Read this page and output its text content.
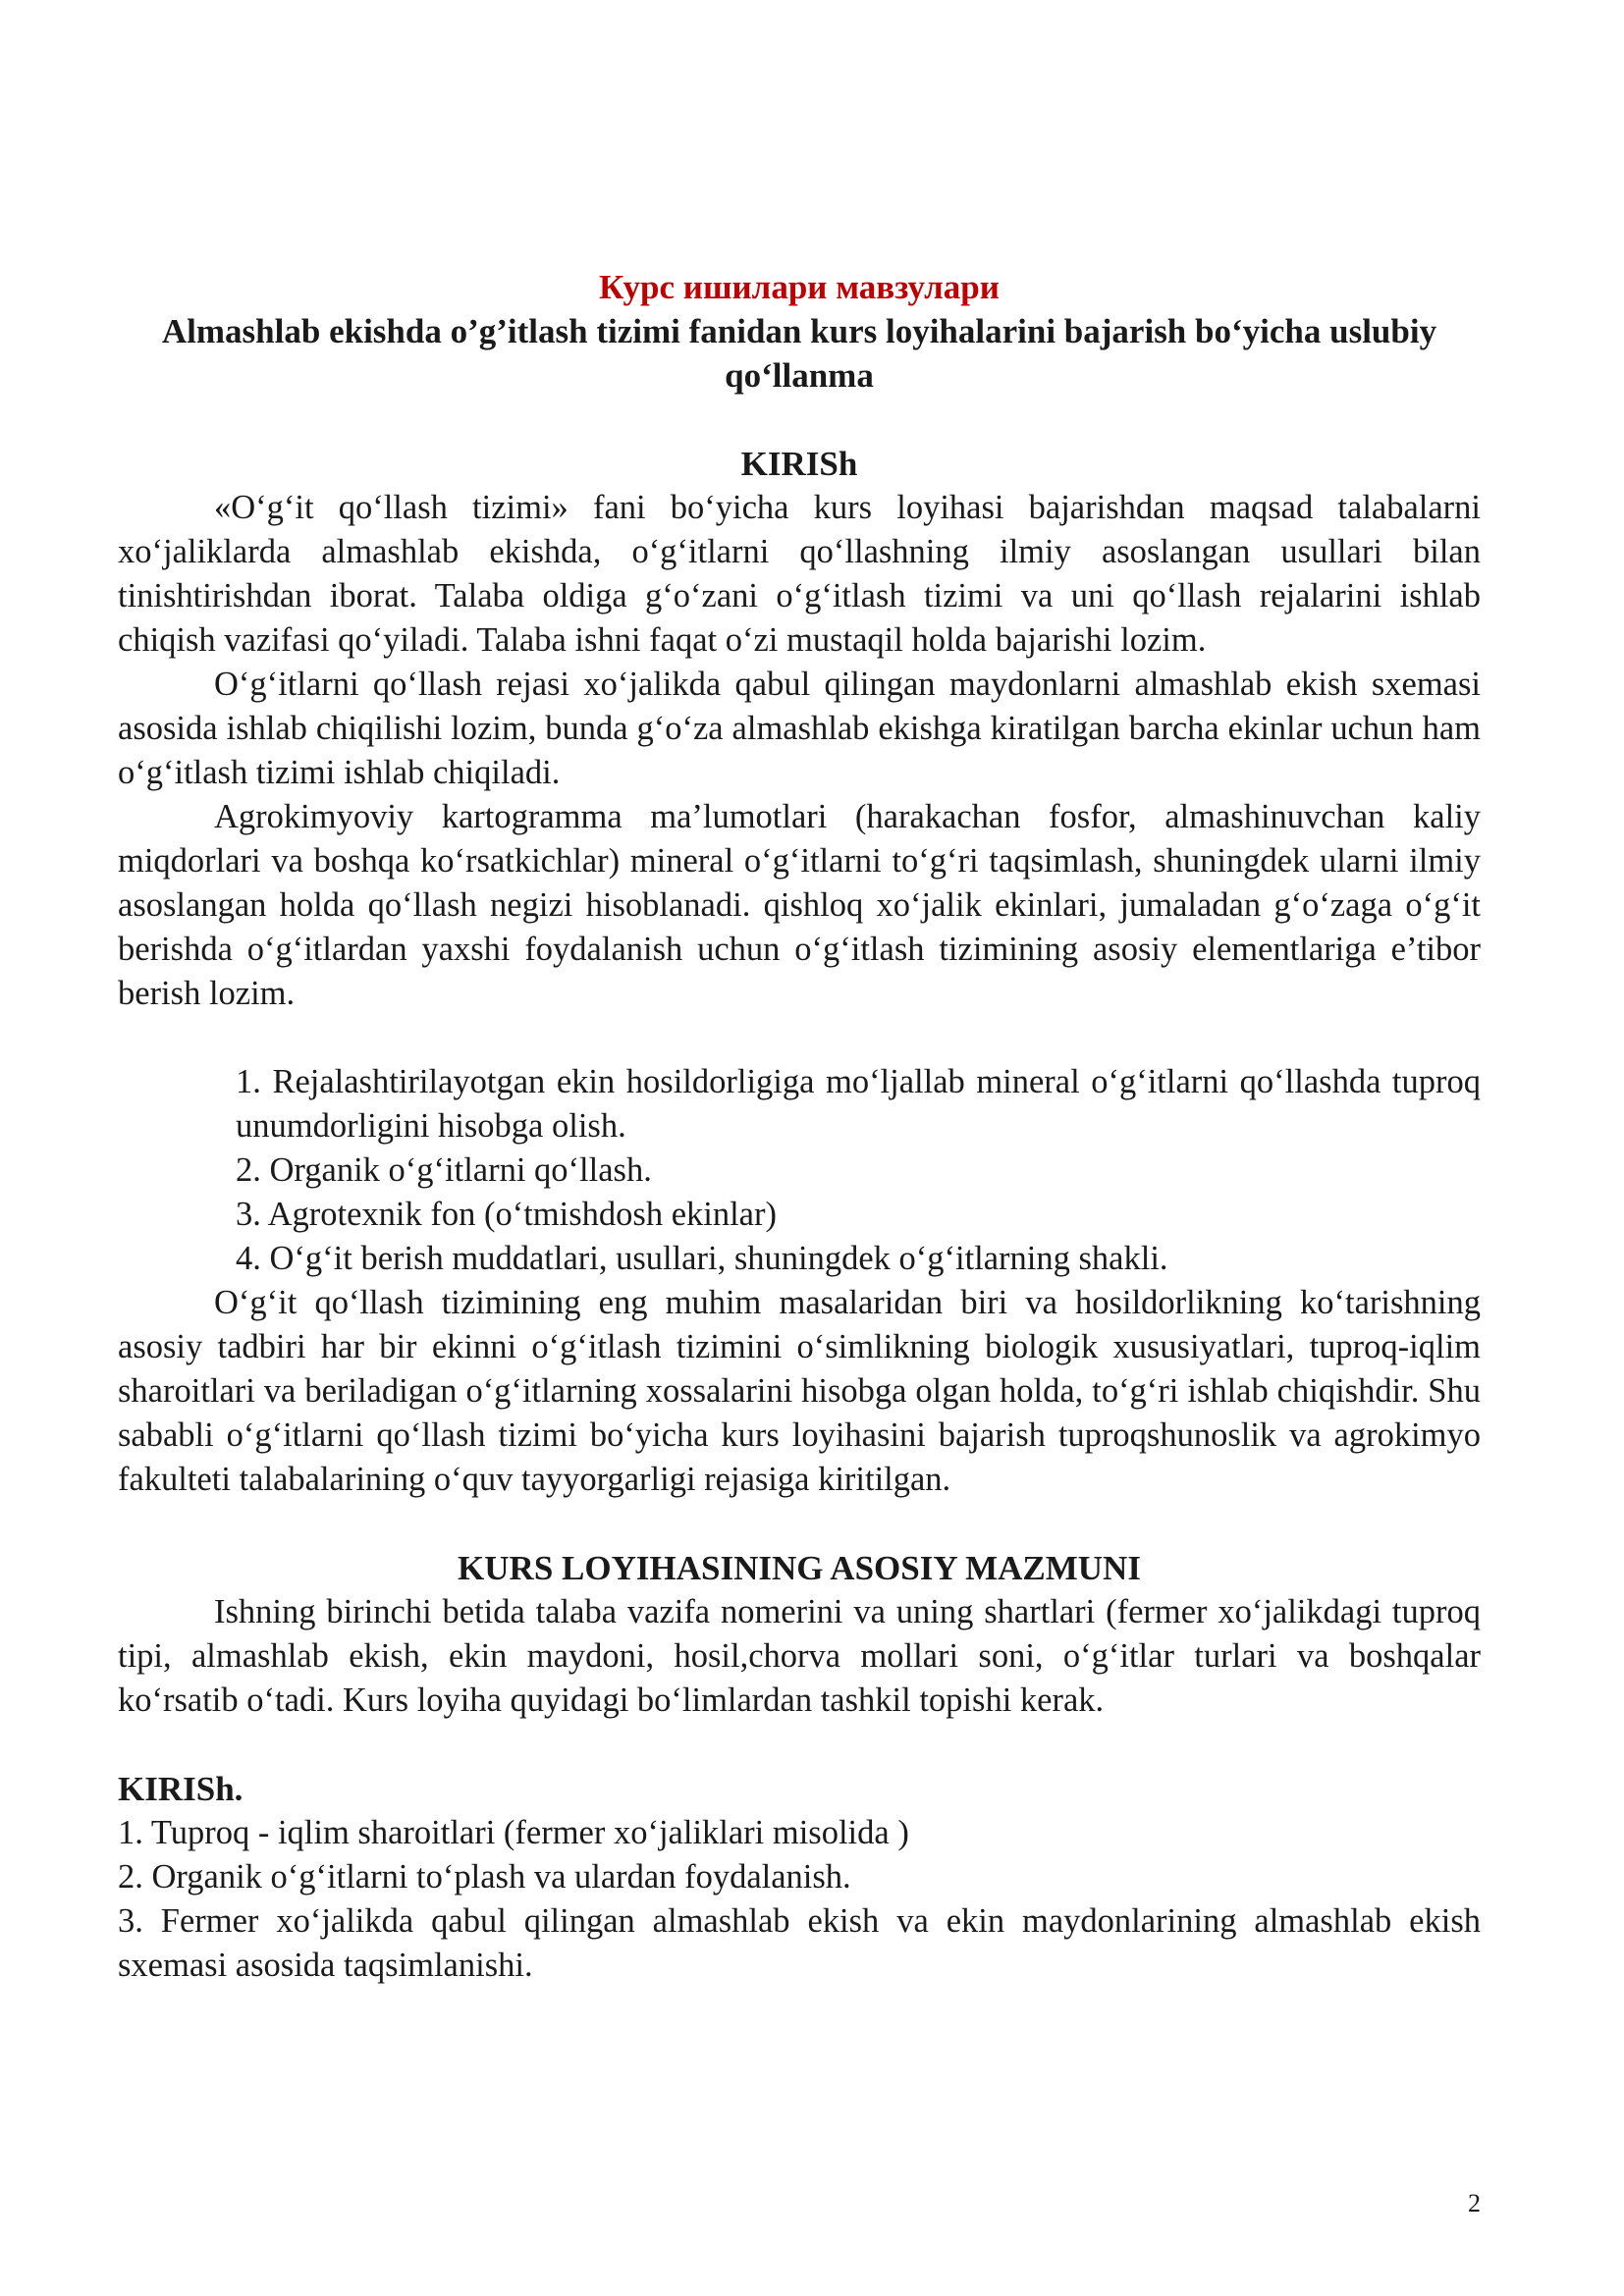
Курс ишилари мавзулари

Almashlab ekishda o’g’itlash tizimi fanidan kurs loyihalarini bajarish bo‘yicha uslubiy qo‘llanma

KIRISh

«O‘g‘it qo‘llash tizimi» fani bo‘yicha kurs loyihasi bajarishdan maqsad talabalarni xo‘jaliklarda almashlab ekishda, o‘g‘itlarni qo‘llashning ilmiy asoslangan usullari bilan tinishtirishdan iborat. Talaba oldiga g‘o‘zani o‘g‘itlash tizimi va uni qo‘llash rejalarini ishlab chiqish vazifasi qo‘yiladi. Talaba ishni faqat o‘zi mustaqil holda bajarishi lozim.

O‘g‘itlarni qo‘llash rejasi xo‘jalikda qabul qilingan maydonlarni almashlab ekish sxemasi asosida ishlab chiqilishi lozim, bunda g‘o‘za almashlab ekishga kiratilgan barcha ekinlar uchun ham o‘g‘itlash tizimi ishlab chiqiladi.

Agrokimyoviy kartogramma ma’lumotlari (harakachan fosfor, almashinuvchan kaliy miqdorlari va boshqa ko‘rsatkichlar) mineral o‘g‘itlarni to‘g‘ri taqsimlash, shuningdek ularni ilmiy asoslangan holda qo‘llash negizi hisoblanadi. qishloq xo‘jalik ekinlari, jumaladan g‘o‘zaga o‘g‘it berishda o‘g‘itlardan yaxshi foydalanish uchun o‘g‘itlash tizimining asosiy elementlariga e’tibor berish lozim.

1. Rejalashtirilayotgan ekin hosildorligiga mo‘ljallab mineral o‘g‘itlarni qo‘llashda tuproq unumdorligini hisobga olish.
2. Organik o‘g‘itlarni qo‘llash.
3. Agrotexnik fon (o‘tmishdosh ekinlar)
4. O‘g‘it berish muddatlari, usullari, shuningdek o‘g‘itlarning shakli.

O‘g‘it qo‘llash tizimining eng muhim masalaridan biri va hosildorlikning ko‘tarishning asosiy tadbiri har bir ekinni o‘g‘itlash tizimini o‘simlikning biologik xususiyatlari, tuproq-iqlim sharoitlari va beriladigan o‘g‘itlarning xossalarini hisobga olgan holda, to‘g‘ri ishlab chiqishdir. Shu sababli o‘g‘itlarni qo‘llash tizimi bo‘yicha kurs loyihasini bajarish tuproqshunoslik va agrokimyo fakulteti talabalarining o‘quv tayyorgarligi rejasiga kiritilgan.

KURS LOYIHASINING ASOSIY MAZMUNI

Ishning birinchi betida talaba vazifa nomerini va uning shartlari (fermer xo‘jalikdagi tuproq tipi, almashlab ekish, ekin maydoni, hosil,chorva mollari soni, o‘g‘itlar turlari va boshqalar ko‘rsatib o‘tadi. Kurs loyiha quyidagi bo‘limlardan tashkil topishi kerak.

KIRISh.

1. Tuproq - iqlim sharoitlari (fermer xo‘jaliklari misolida )

2. Organik o‘g‘itlarni to‘plash va ulardan foydalanish.

3. Fermer xo‘jalikda qabul qilingan almashlab ekish va ekin maydonlarining almashlab ekish sxemasi asosida taqsimlanishi.

2
